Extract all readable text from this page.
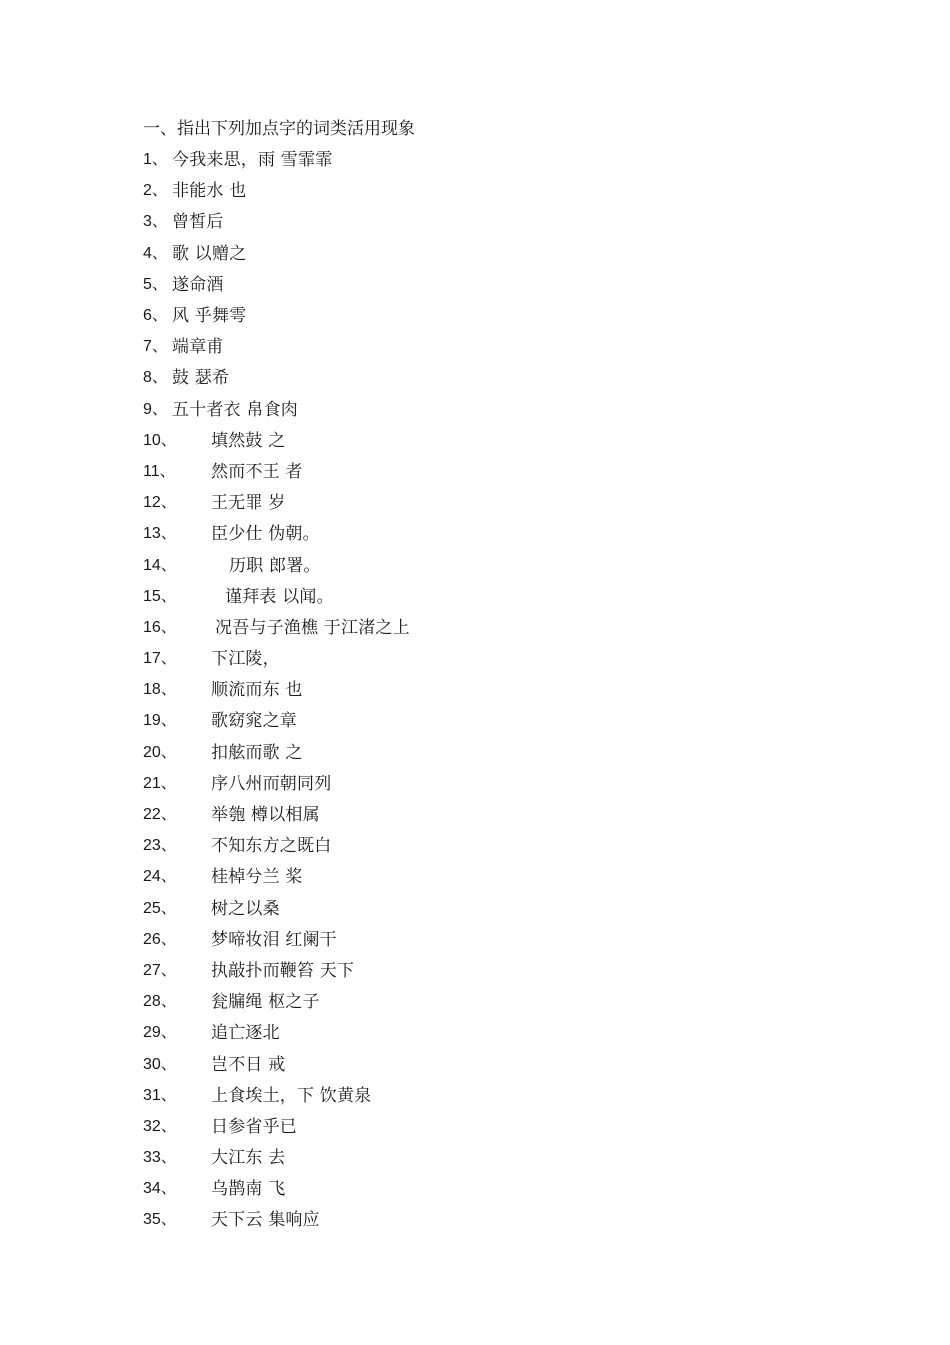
一、指出下列加点字的词类活用现象
1、 今我来思，雨 雪霏霏
2、 非能水 也
3、 曾皙后
4、 歌 以赠之
5、 遂命酒
6、 风 乎舞雩
7、 端章甫
8、 鼓 瑟希
9、 五十者衣 帛食肉
10、	填然鼓 之
11、	然而不王 者
12、	王无罪 岁
13、	臣少仕 伪朝。
14、	历职 郎署。
15、	谨拜表 以闻。
16、	况吾与子渔樵 于江渚之上
17、	下江陵，
18、	顺流而东 也
19、	歌窈窕之章
20、	扣舷而歌 之
21、	序八州而朝同列
22、	举匏 樽以相属
23、	不知东方之既白
24、	桂棹兮兰 桨
25、	树之以桑
26、	梦啼妆泪 红阑干
27、	执敲扑而鞭笞 天下
28、	瓮牖绳 枢之子
29、	追亡逐北
30、	岂不日 戒
31、	上食埃土，下 饮黄泉
32、	日参省乎已
33、	大江东 去
34、	乌鹊南 飞
35、	天下云 集响应
